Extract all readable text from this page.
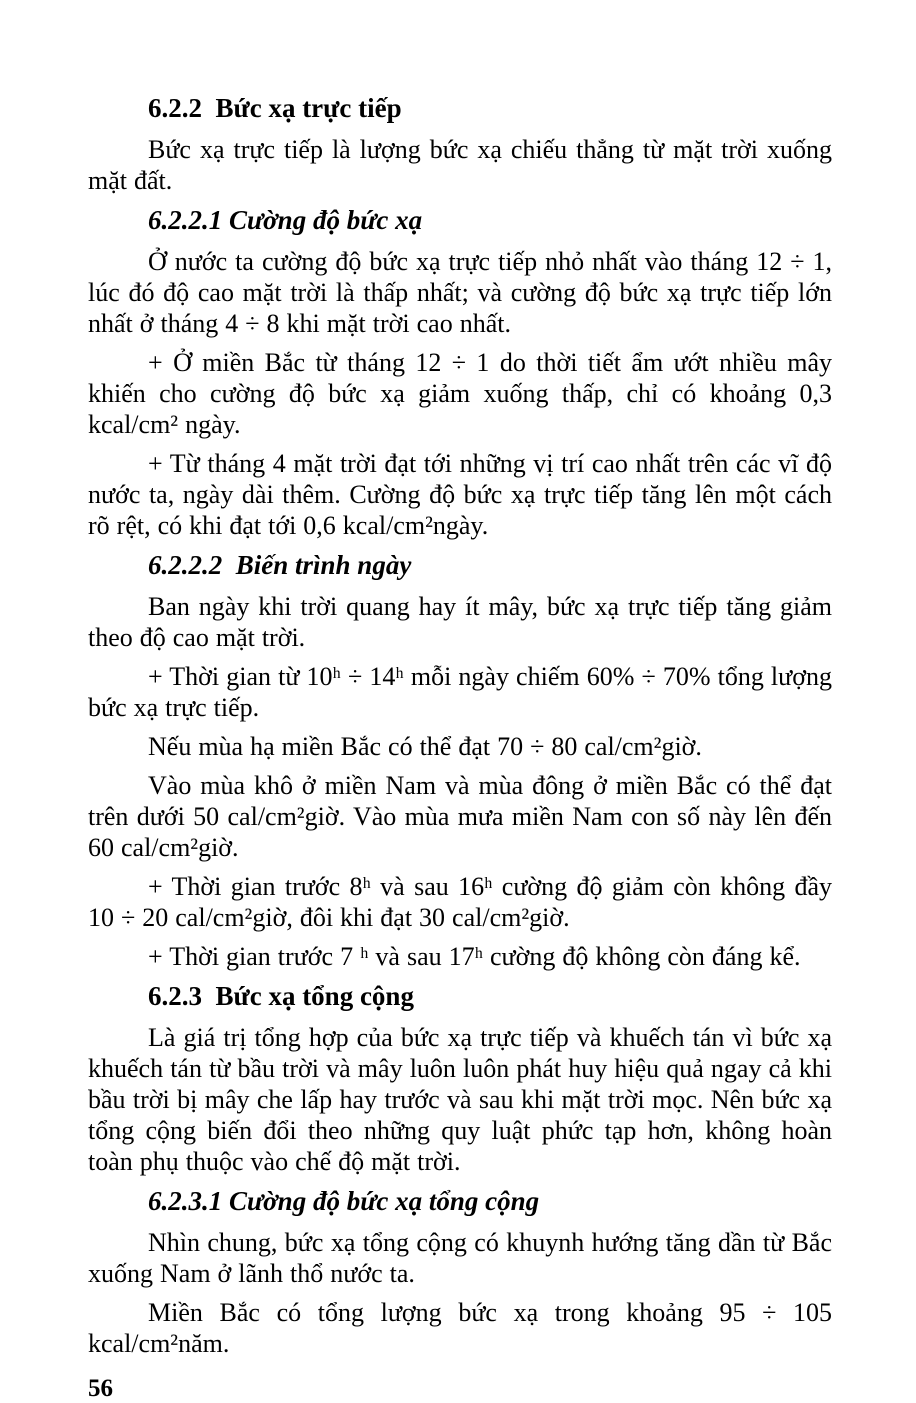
6.2.2  Bức xạ trực tiếp

Bức xạ trực tiếp là lượng bức xạ chiếu thẳng từ mặt trời xuống mặt đất.

6.2.2.1 Cường độ bức xạ

Ở nước ta cường độ bức xạ trực tiếp nhỏ nhất vào tháng 12 ÷ 1, lúc đó độ cao mặt trời là thấp nhất; và cường độ bức xạ trực tiếp lớn nhất ở tháng 4 ÷ 8 khi mặt trời cao nhất.

+ Ở miền Bắc từ tháng 12 ÷ 1 do thời tiết ẩm ướt nhiều mây khiến cho cường độ bức xạ giảm xuống thấp, chỉ có khoảng 0,3 kcal/cm² ngày.

+ Từ tháng 4 mặt trời đạt tới những vị trí cao nhất trên các vĩ độ nước ta, ngày dài thêm. Cường độ bức xạ trực tiếp tăng lên một cách rõ rệt, có khi đạt tới 0,6 kcal/cm²ngày.

6.2.2.2  Biến trình ngày

Ban ngày khi trời quang hay ít mây, bức xạ trực tiếp tăng giảm theo độ cao mặt trời.

+ Thời gian từ 10ʰ ÷ 14ʰ mỗi ngày chiếm 60% ÷ 70% tổng lượng bức xạ trực tiếp.

Nếu mùa hạ miền Bắc có thể đạt 70 ÷ 80 cal/cm²giờ.

Vào mùa khô ở miền Nam và mùa đông ở miền Bắc có thể đạt trên dưới 50 cal/cm²giờ. Vào mùa mưa miền Nam con số này lên đến 60 cal/cm²giờ.

+ Thời gian trước 8ʰ và sau 16ʰ cường độ giảm còn không đầy 10 ÷ 20 cal/cm²giờ, đôi khi đạt 30 cal/cm²giờ.

+ Thời gian trước 7 ʰ và sau 17ʰ cường độ không còn đáng kể.

6.2.3  Bức xạ tổng cộng

Là giá trị tổng hợp của bức xạ trực tiếp và khuếch tán vì bức xạ khuếch tán từ bầu trời và mây luôn luôn phát huy hiệu quả ngay cả khi bầu trời bị mây che lấp hay trước và sau khi mặt trời mọc. Nên bức xạ tổng cộng biến đổi theo những quy luật phức tạp hơn, không hoàn toàn phụ thuộc vào chế độ mặt trời.

6.2.3.1 Cường độ bức xạ tổng cộng

Nhìn chung, bức xạ tổng cộng có khuynh hướng tăng dần từ Bắc xuống Nam ở lãnh thổ nước ta.

Miền Bắc có tổng lượng bức xạ trong khoảng 95 ÷ 105 kcal/cm²năm.

56
